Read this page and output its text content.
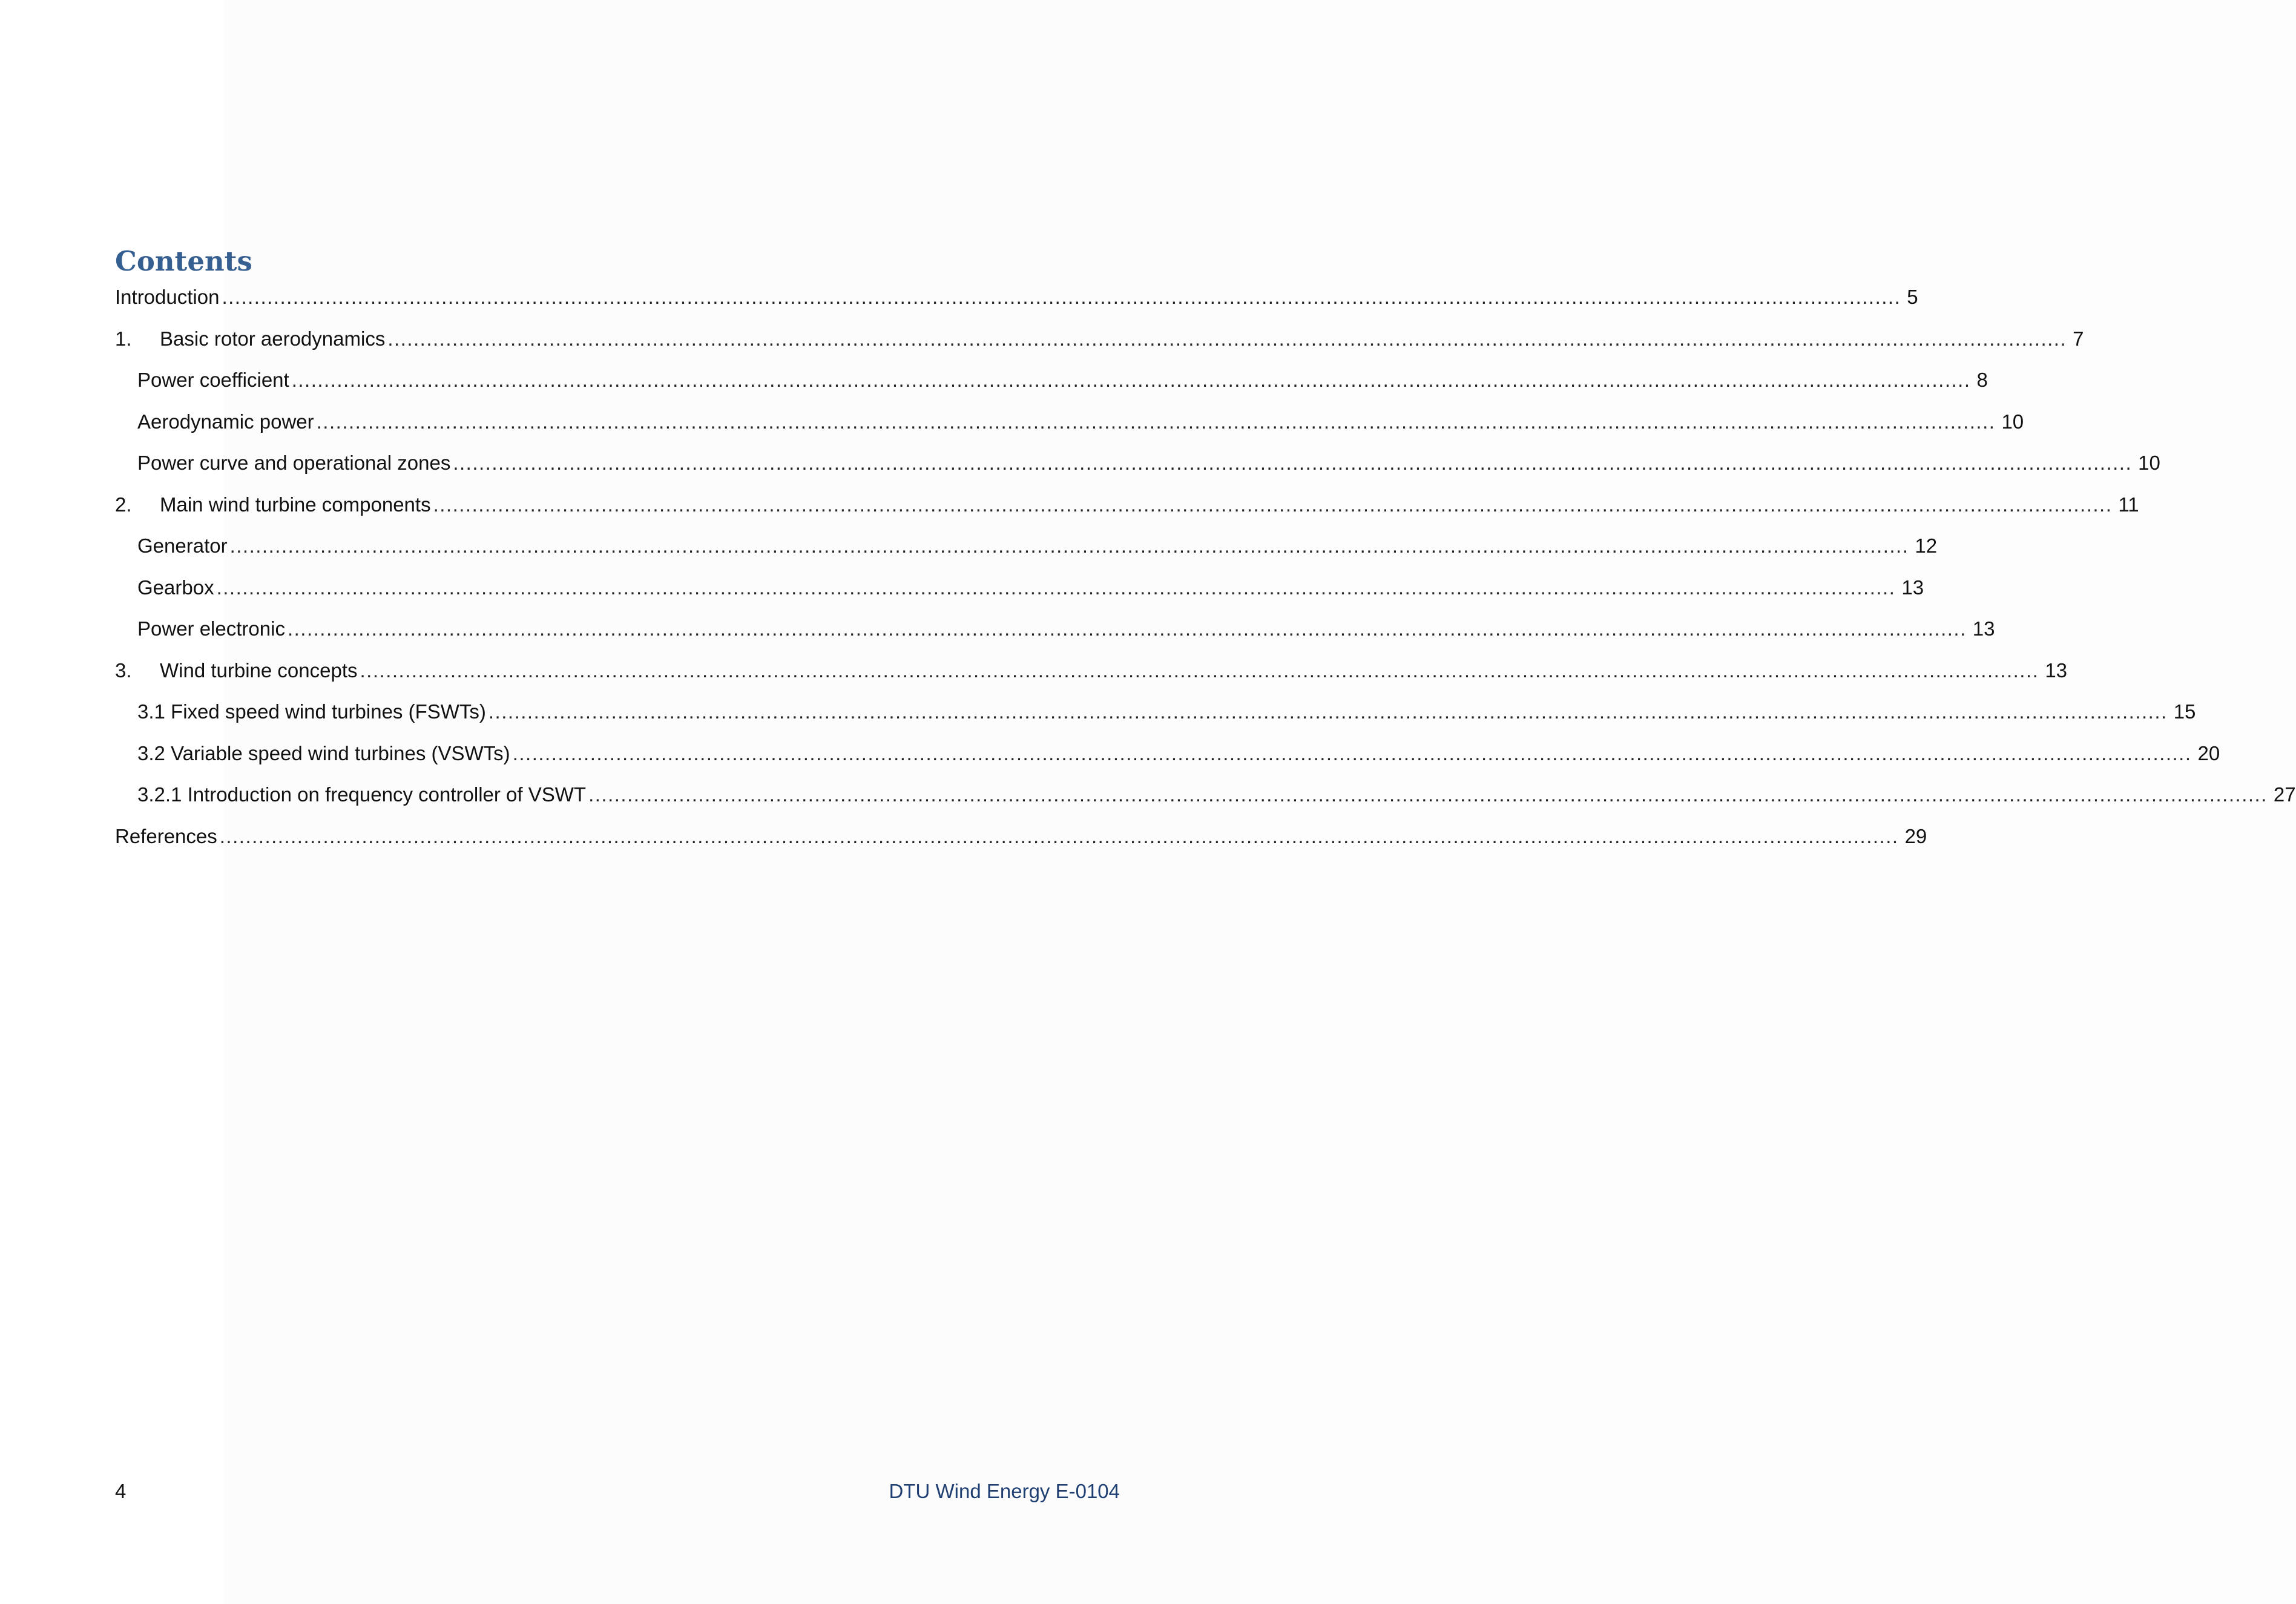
Contents
Introduction .................................................................................................................................................................................................................................................................... 5
1.	Basic rotor aerodynamics .................................................................................................................................................................................................................................................................... 7
Power coefficient .................................................................................................................................................................................................................................................................... 8
Aerodynamic power .................................................................................................................................................................................................................................................................... 10
Power curve and operational zones .................................................................................................................................................................................................................................................................... 10
2.	Main wind turbine components .................................................................................................................................................................................................................................................................... 11
Generator .................................................................................................................................................................................................................................................................... 12
Gearbox .................................................................................................................................................................................................................................................................... 13
Power electronic .................................................................................................................................................................................................................................................................... 13
3.	Wind turbine concepts .................................................................................................................................................................................................................................................................... 13
3.1 Fixed speed wind turbines (FSWTs) .................................................................................................................................................................................................................................................................... 15
3.2 Variable speed wind turbines (VSWTs) .................................................................................................................................................................................................................................................................... 20
3.2.1 Introduction on frequency controller of VSWT .................................................................................................................................................................................................................................................................... 27
References .................................................................................................................................................................................................................................................................... 29
4	DTU Wind Energy E-0104
